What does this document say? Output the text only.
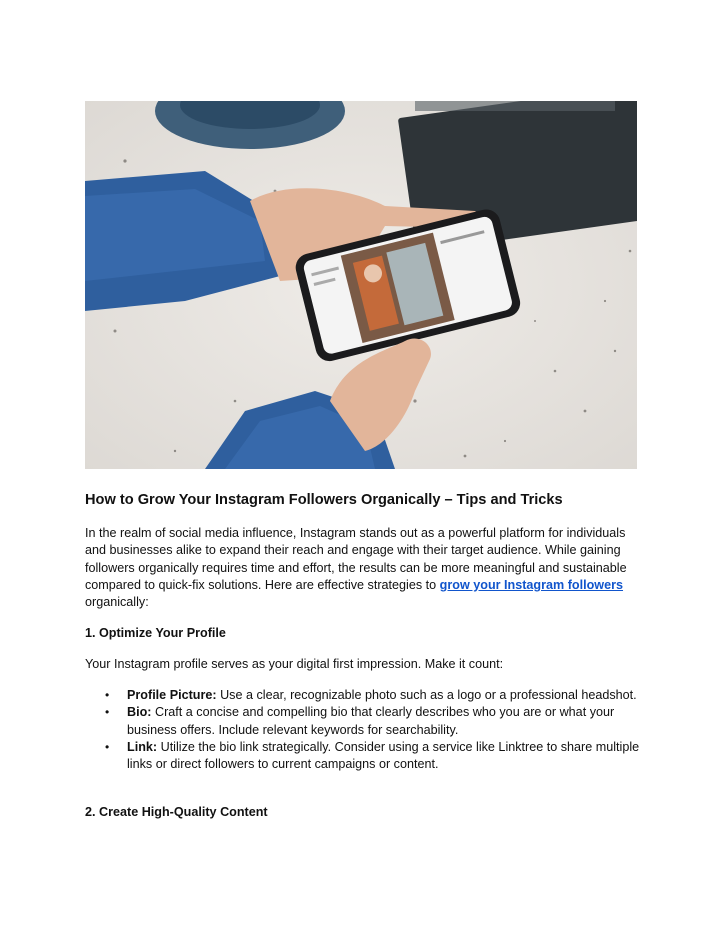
How to Grow Your Instagram Followers Organically – Tips and Tricks

In the realm of social media influence, Instagram stands out as a powerful platform for individuals and businesses alike to expand their reach and engage with their target audience. While gaining followers organically requires time and effort, the results can be more meaningful and sustainable compared to quick-fix solutions. Here are effective strategies to grow your Instagram followers organically:

1. Optimize Your Profile

Your Instagram profile serves as your digital first impression. Make it count:

• Profile Picture: Use a clear, recognizable photo such as a logo or a professional headshot.
• Bio: Craft a concise and compelling bio that clearly describes who you are or what your business offers. Include relevant keywords for searchability.
• Link: Utilize the bio link strategically. Consider using a service like Linktree to share multiple links or direct followers to current campaigns or content.
2. Create High-Quality Content
